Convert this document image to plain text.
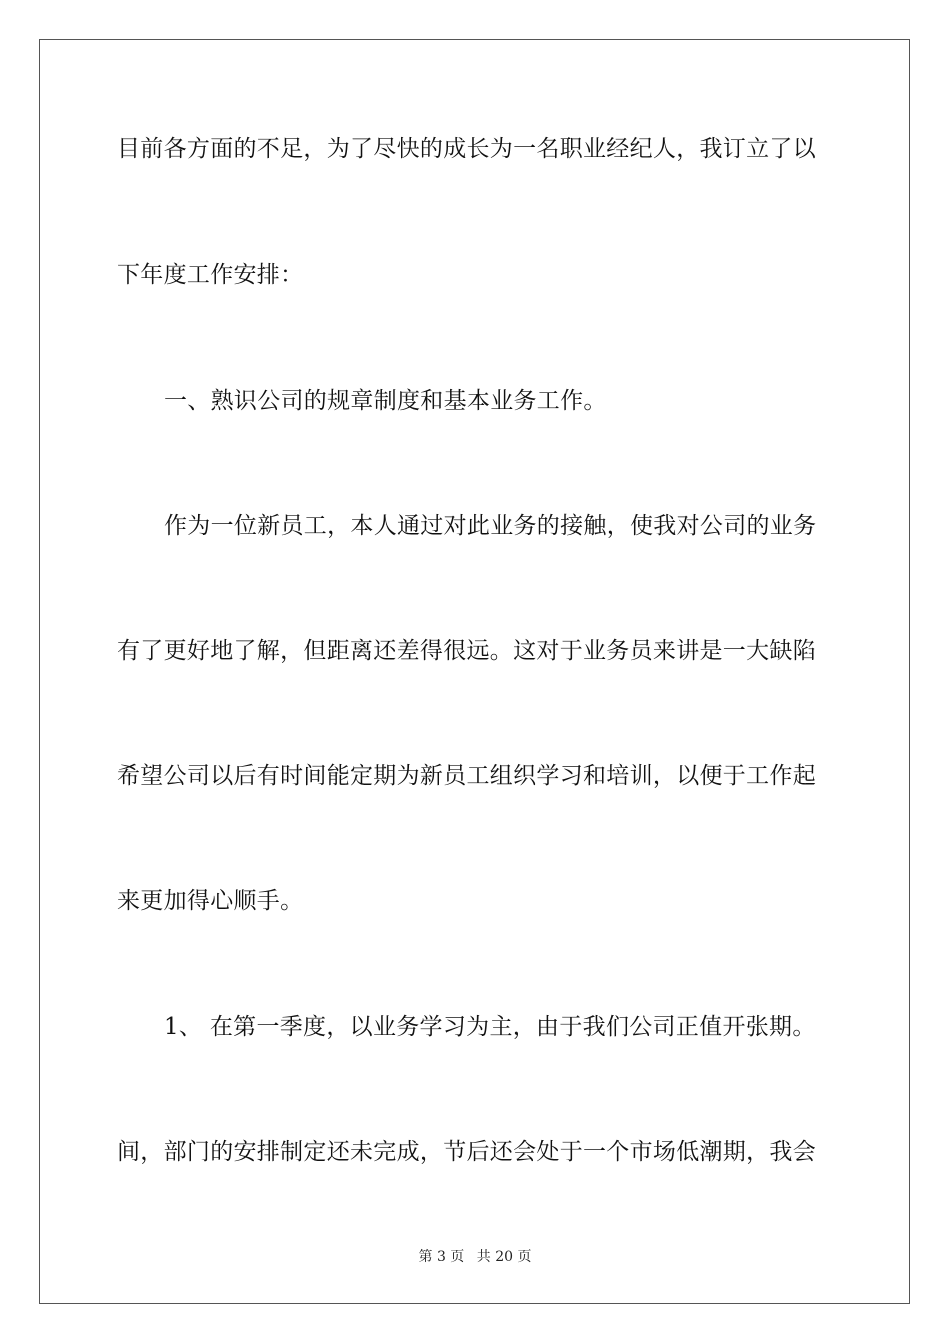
目前各方面的不足，为了尽快的成长为一名职业经纪人，我订立了以
下年度工作安排：
一、熟识公司的规章制度和基本业务工作。
作为一位新员工，本人通过对此业务的接触，使我对公司的业务
有了更好地了解，但距离还差得很远。这对于业务员来讲是一大缺陷
希望公司以后有时间能定期为新员工组织学习和培训，以便于工作起
来更加得心顺手。
1、 在第一季度，以业务学习为主，由于我们公司正值开张期。
间，部门的安排制定还未完成，节后还会处于一个市场低潮期，我会
第 3 页 共 20 页
